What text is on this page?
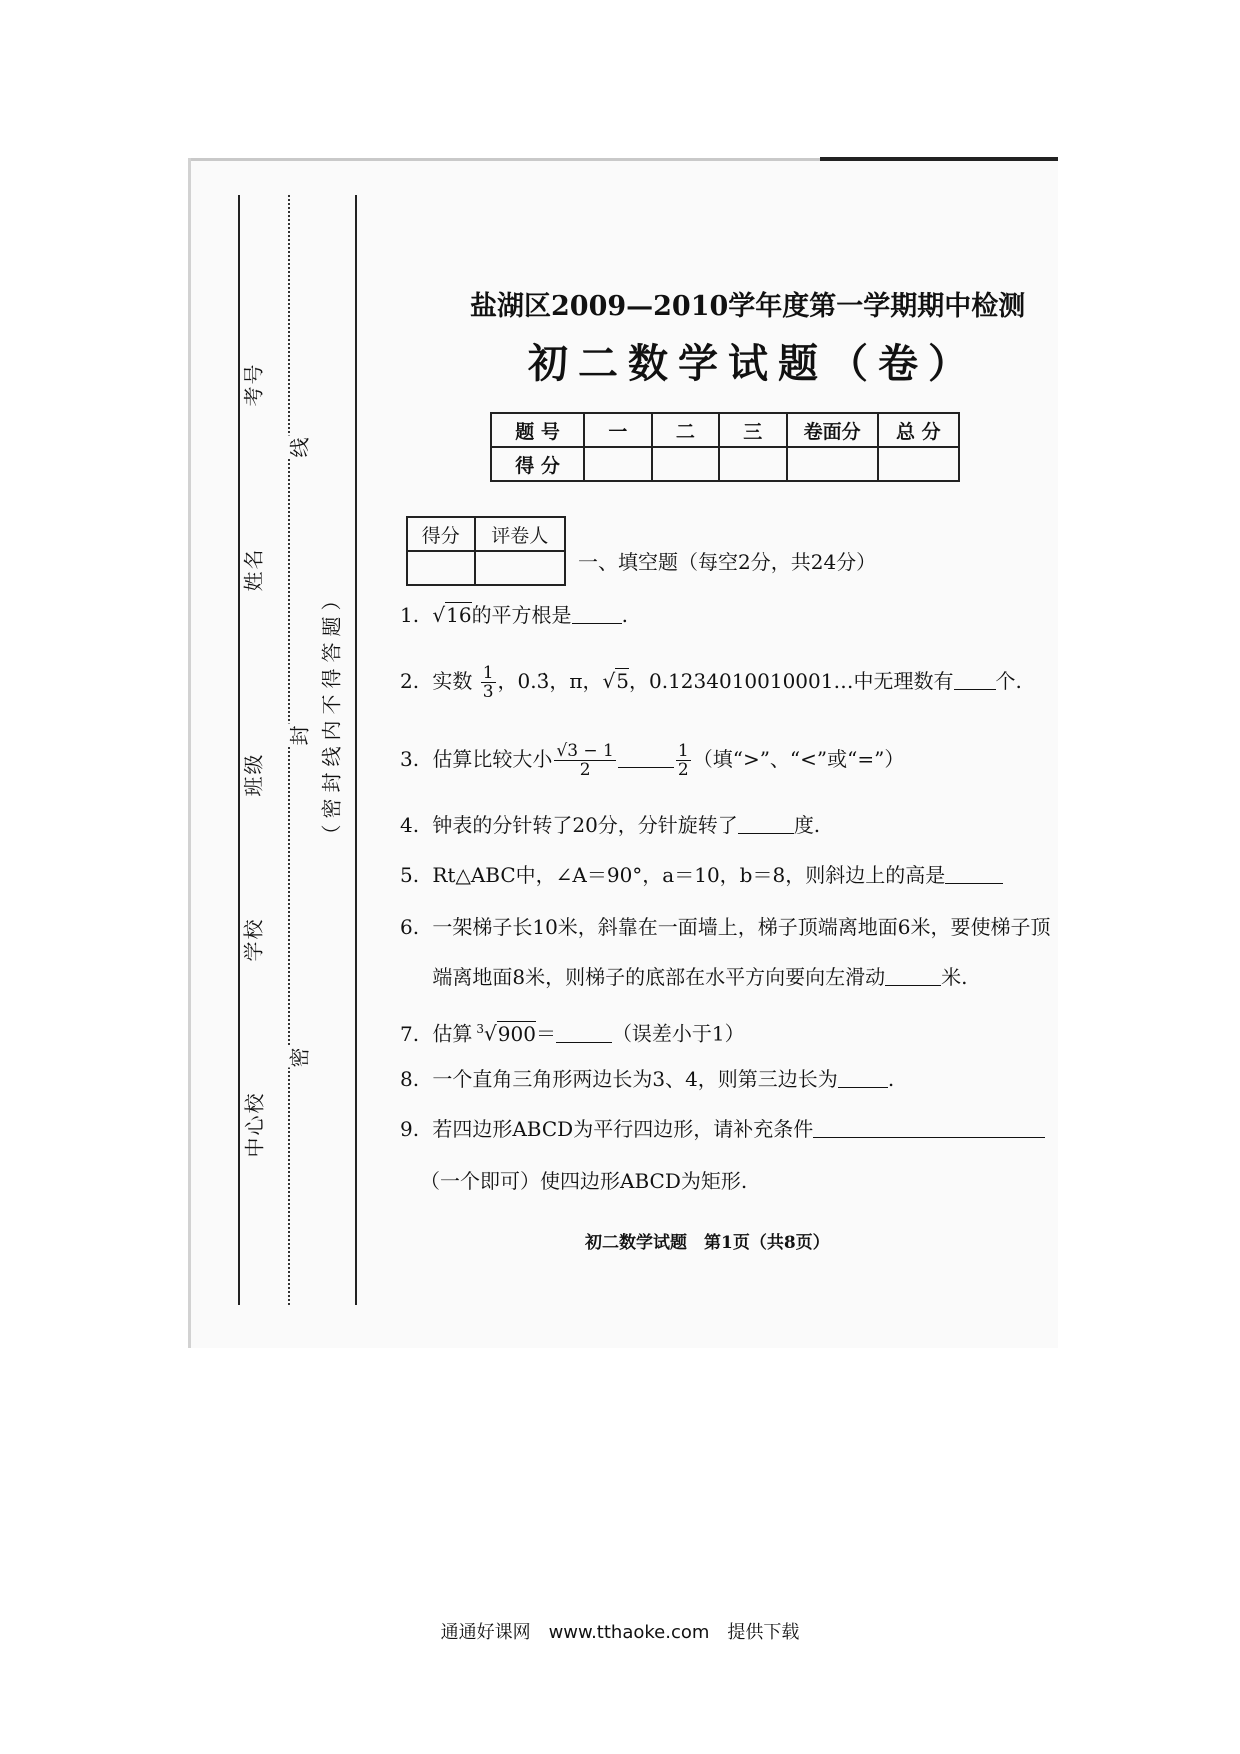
考号
姓名
班级
学校
中心校
线
封
密
（密封线内不得答题）
盐湖区2009—2010学年度第一学期期中检测
初二数学试题（卷）
题 号	一	二	三	卷面分	总 分
得 分					
得分	评卷人

一、填空题（每空2分，共24分）
1. √16的平方根是	.
2. 实数 $\frac{1}{3}$ ，0.3̇，π，√5，0.1234010010001…中无理数有 个.
3. 估算比较大小 $\frac{√3 - 1}{2}$	$\frac{1}{2}$ （填“>”、“<”或“=”）
4. 钟表的分针转了20分，分针旋转了	度.
5. Rt△ABC中，∠A＝90°，a＝10，b＝8，则斜边上的高是
6. 一架梯子长10米，斜靠在一面墙上，梯子顶端离地面6米，要使梯子顶
端离地面8米，则梯子的底部在水平方向要向左滑动	米.
7. 估算 $^3$√900＝	（误差小于1）
8. 一个直角三角形两边长为3、4，则第三边长为	.
9. 若四边形ABCD为平行四边形，请补充条件
（一个即可）使四边形ABCD为矩形.
初二数学试题　第1页（共8页）
通通好课网　www.tthaoke.com　提供下载
